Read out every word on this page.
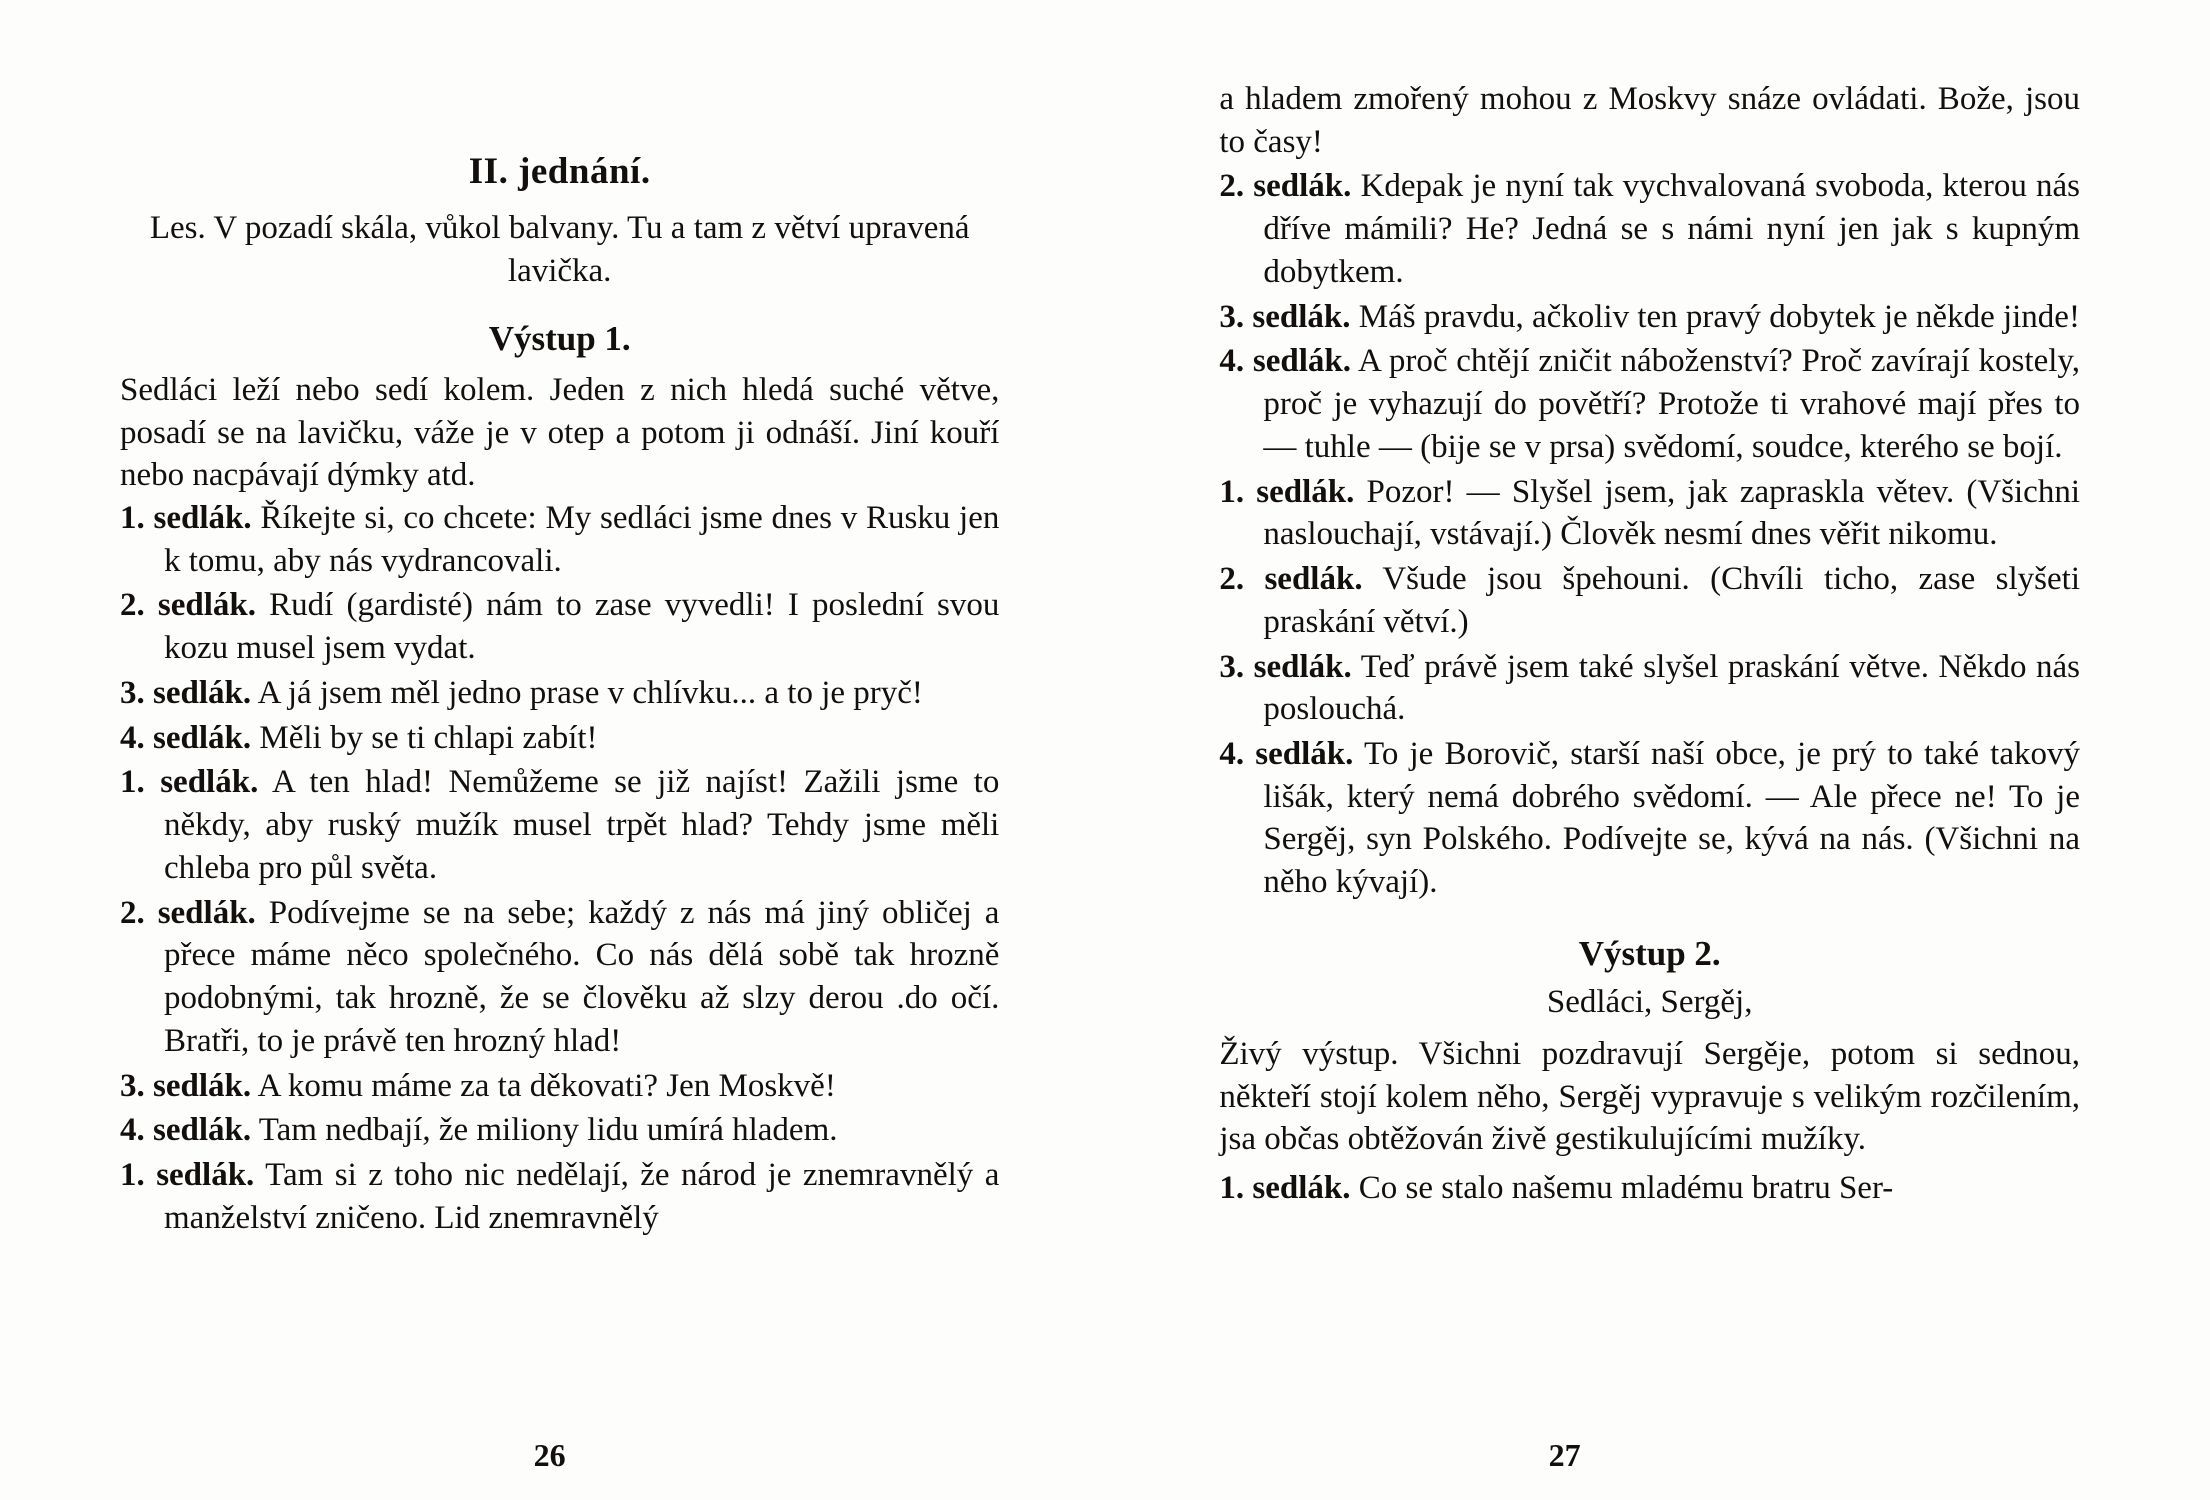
II. jednání.
Les. V pozadí skála, vůkol balvany. Tu a tam z větví upravená lavička.
Výstup 1.
Sedláci leží nebo sedí kolem. Jeden z nich hledá suché větve, posadí se na lavičku, váže je v otep a potom ji odnáší. Jiní kouří nebo nacpávají dýmky atd.
1. sedlák. Říkejte si, co chcete: My sedláci jsme dnes v Rusku jen k tomu, aby nás vydrancovali.
2. sedlák. Rudí (gardisté) nám to zase vyvedli! I poslední svou kozu musel jsem vydat.
3. sedlák. A já jsem měl jedno prase v chlívku... a to je pryč!
4. sedlák. Měli by se ti chlapi zabít!
1. sedlák. A ten hlad! Nemůžeme se již najíst! Zažili jsme to někdy, aby ruský mužík musel trpět hlad? Tehdy jsme měli chleba pro půl světa.
2. sedlák. Podívejme se na sebe; každý z nás má jiný obličej a přece máme něco společného. Co nás dělá sobě tak hrozně podobnými, tak hrozně, že se člověku až slzy derou .do očí. Bratři, to je právě ten hrozný hlad!
3. sedlák. A komu máme za ta děkovati? Jen Moskvě!
4. sedlák. Tam nedbají, že miliony lidu umírá hladem.
1. sedlák. Tam si z toho nic nedělají, že národ je znemravnělý a manželství zničeno. Lid znemravnělý
26
a hladem zmořený mohou z Moskvy snáze ovládati. Bože, jsou to časy!
2. sedlák. Kdepak je nyní tak vychvalovaná svoboda, kterou nás dříve mámili? He? Jedná se s námi nyní jen jak s kupným dobytkem.
3. sedlák. Máš pravdu, ačkoliv ten pravý dobytek je někde jinde!
4. sedlák. A proč chtějí zničit náboženství? Proč zavírají kostely, proč je vyhazují do povětří? Protože ti vrahové mají přes to — tuhle — (bije se v prsa) svědomí, soudce, kterého se bojí.
1. sedlák. Pozor! — Slyšel jsem, jak zapraskla větev. (Všichni naslouchají, vstávají.) Člověk nesmí dnes věřit nikomu.
2. sedlák. Všude jsou špehouni. (Chvíli ticho, zase slyšeti praskání větví.)
3. sedlák. Teď právě jsem také slyšel praskání větve. Někdo nás poslouchá.
4. sedlák. To je Borovič, starší naší obce, je prý to také takový lišák, který nemá dobrého svědomí. — Ale přece ne! To je Sergěj, syn Polského. Podívejte se, kývá na nás. (Všichni na něho kývají).
Výstup 2.
Sedláci, Sergěj,
Živý výstup. Všichni pozdravují Sergěje, potom si sednou, někteří stojí kolem něho, Sergěj vypravuje s velikým rozčilením, jsa občas obtěžován živě gestikulujícími mužíky.
1. sedlák. Co se stalo našemu mladému bratru Ser-
27
